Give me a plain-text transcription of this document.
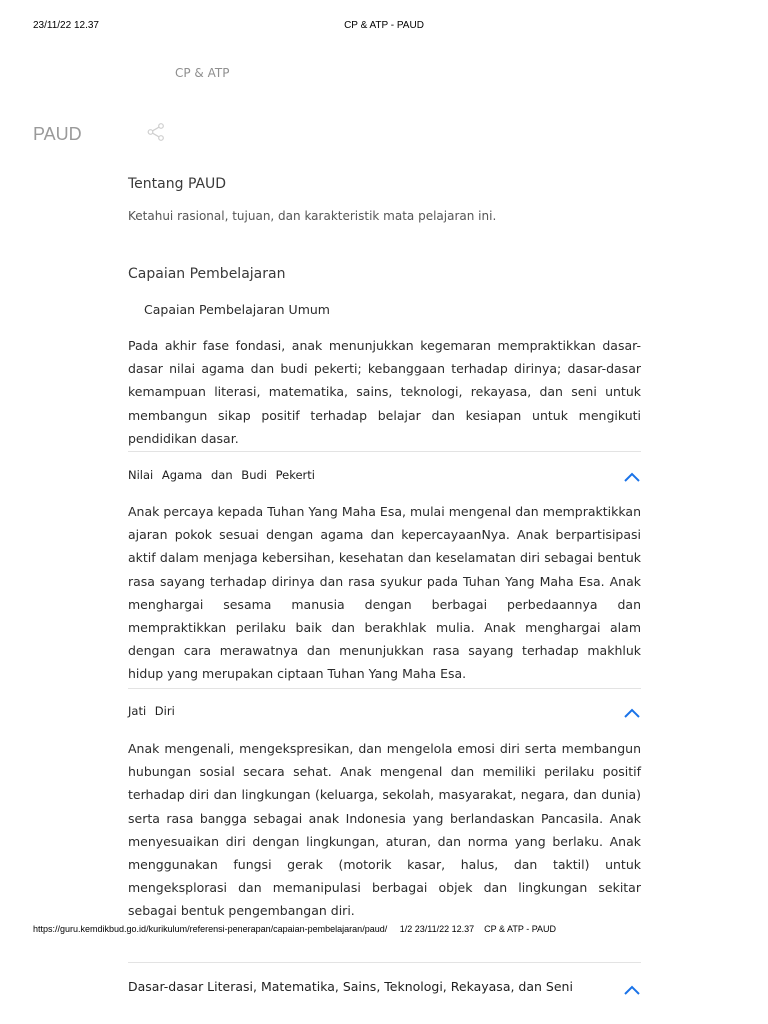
23/11/22 12.37	CP & ATP - PAUD
CP & ATP
PAUD
Tentang PAUD
Ketahui rasional, tujuan, dan karakteristik mata pelajaran ini.
Capaian Pembelajaran
Capaian Pembelajaran Umum

Pada akhir fase fondasi, anak menunjukkan kegemaran mempraktikkan dasar-dasar nilai agama dan budi pekerti; kebanggaan terhadap dirinya; dasar-dasar kemampuan literasi, matematika, sains, teknologi, rekayasa, dan seni untuk membangun sikap positif terhadap belajar dan kesiapan untuk mengikuti pendidikan dasar.

Nilai Agama dan Budi Pekerti

Anak percaya kepada Tuhan Yang Maha Esa, mulai mengenal dan mempraktikkan ajaran pokok sesuai dengan agama dan kepercayaanNya. Anak berpartisipasi aktif dalam menjaga kebersihan, kesehatan dan keselamatan diri sebagai bentuk rasa sayang terhadap dirinya dan rasa syukur pada Tuhan Yang Maha Esa. Anak menghargai sesama manusia dengan berbagai perbedaannya dan mempraktikkan perilaku baik dan berakhlak mulia. Anak menghargai alam dengan cara merawatnya dan menunjukkan rasa sayang terhadap makhluk hidup yang merupakan ciptaan Tuhan Yang Maha Esa.

Jati Diri

Anak mengenali, mengekspresikan, dan mengelola emosi diri serta membangun hubungan sosial secara sehat. Anak mengenal dan memiliki perilaku positif terhadap diri dan lingkungan (keluarga, sekolah, masyarakat, negara, dan dunia) serta rasa bangga sebagai anak Indonesia yang berlandaskan Pancasila. Anak menyesuaikan diri dengan lingkungan, aturan, dan norma yang berlaku. Anak menggunakan fungsi gerak (motorik kasar, halus, dan taktil) untuk mengeksplorasi dan memanipulasi berbagai objek dan lingkungan sekitar sebagai bentuk pengembangan diri.

https://guru.kemdikbud.go.id/kurikulum/referensi-penerapan/capaian-pembelajaran/paud/ 1/2 23/11/22 12.37 CP & ATP - PAUD
Dasar-dasar Literasi, Matematika, Sains, Teknologi, Rekayasa, dan Seni
